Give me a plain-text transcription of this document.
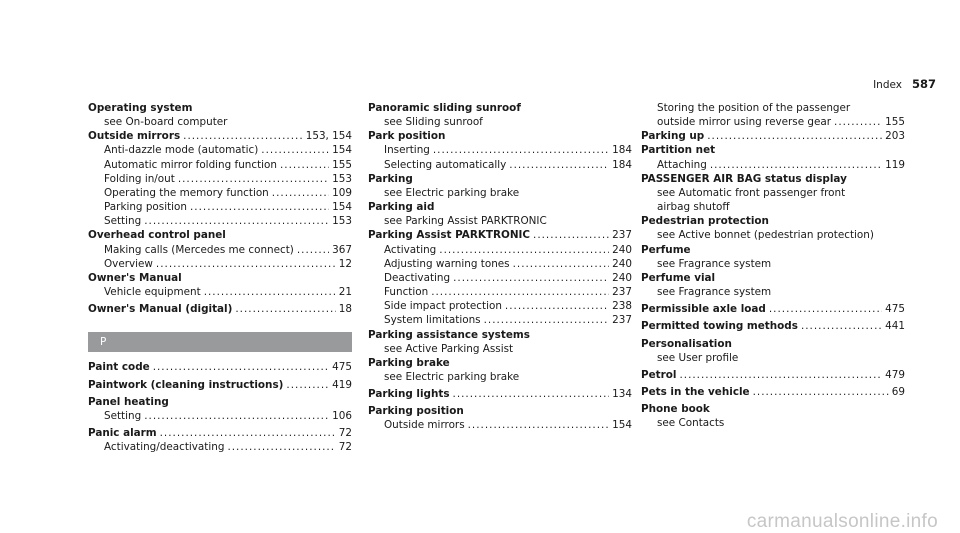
Index 587
Operating system
see On-board computer
Outside mirrors .....	153, 154
Anti-dazzle mode (automatic) .....	154
Automatic mirror folding function .....	155
Folding in/out .....	153
Operating the memory function .....	109
Parking position .....	154
Setting .....	153
Overhead control panel
Making calls (Mercedes me connect) .....	367
Overview .....	12
Owner's Manual
Vehicle equipment .....	21
Owner's Manual (digital) .....	18
P
Paint code .....	475
Paintwork (cleaning instructions) .....	419
Panel heating
Setting .....	106
Panic alarm .....	72
Activating/deactivating .....	72
Panoramic sliding sunroof
see Sliding sunroof
Park position
Inserting .....	184
Selecting automatically .....	184
Parking
see Electric parking brake
Parking aid
see Parking Assist PARKTRONIC
Parking Assist PARKTRONIC .....	237
Activating .....	240
Adjusting warning tones .....	240
Deactivating .....	240
Function .....	237
Side impact protection .....	238
System limitations .....	237
Parking assistance systems
see Active Parking Assist
Parking brake
see Electric parking brake
Parking lights .....	134
Parking position
Outside mirrors .....	154
Storing the position of the passenger
outside mirror using reverse gear .....	155
Parking up .....	203
Partition net
Attaching .....	119
PASSENGER AIR BAG status display
see Automatic front passenger front
airbag shutoff
Pedestrian protection
see Active bonnet (pedestrian protection)
Perfume
see Fragrance system
Perfume vial
see Fragrance system
Permissible axle load .....	475
Permitted towing methods .....	441
Personalisation
see User profile
Petrol .....	479
Pets in the vehicle .....	69
Phone book
see Contacts
carmanualsonline.info
